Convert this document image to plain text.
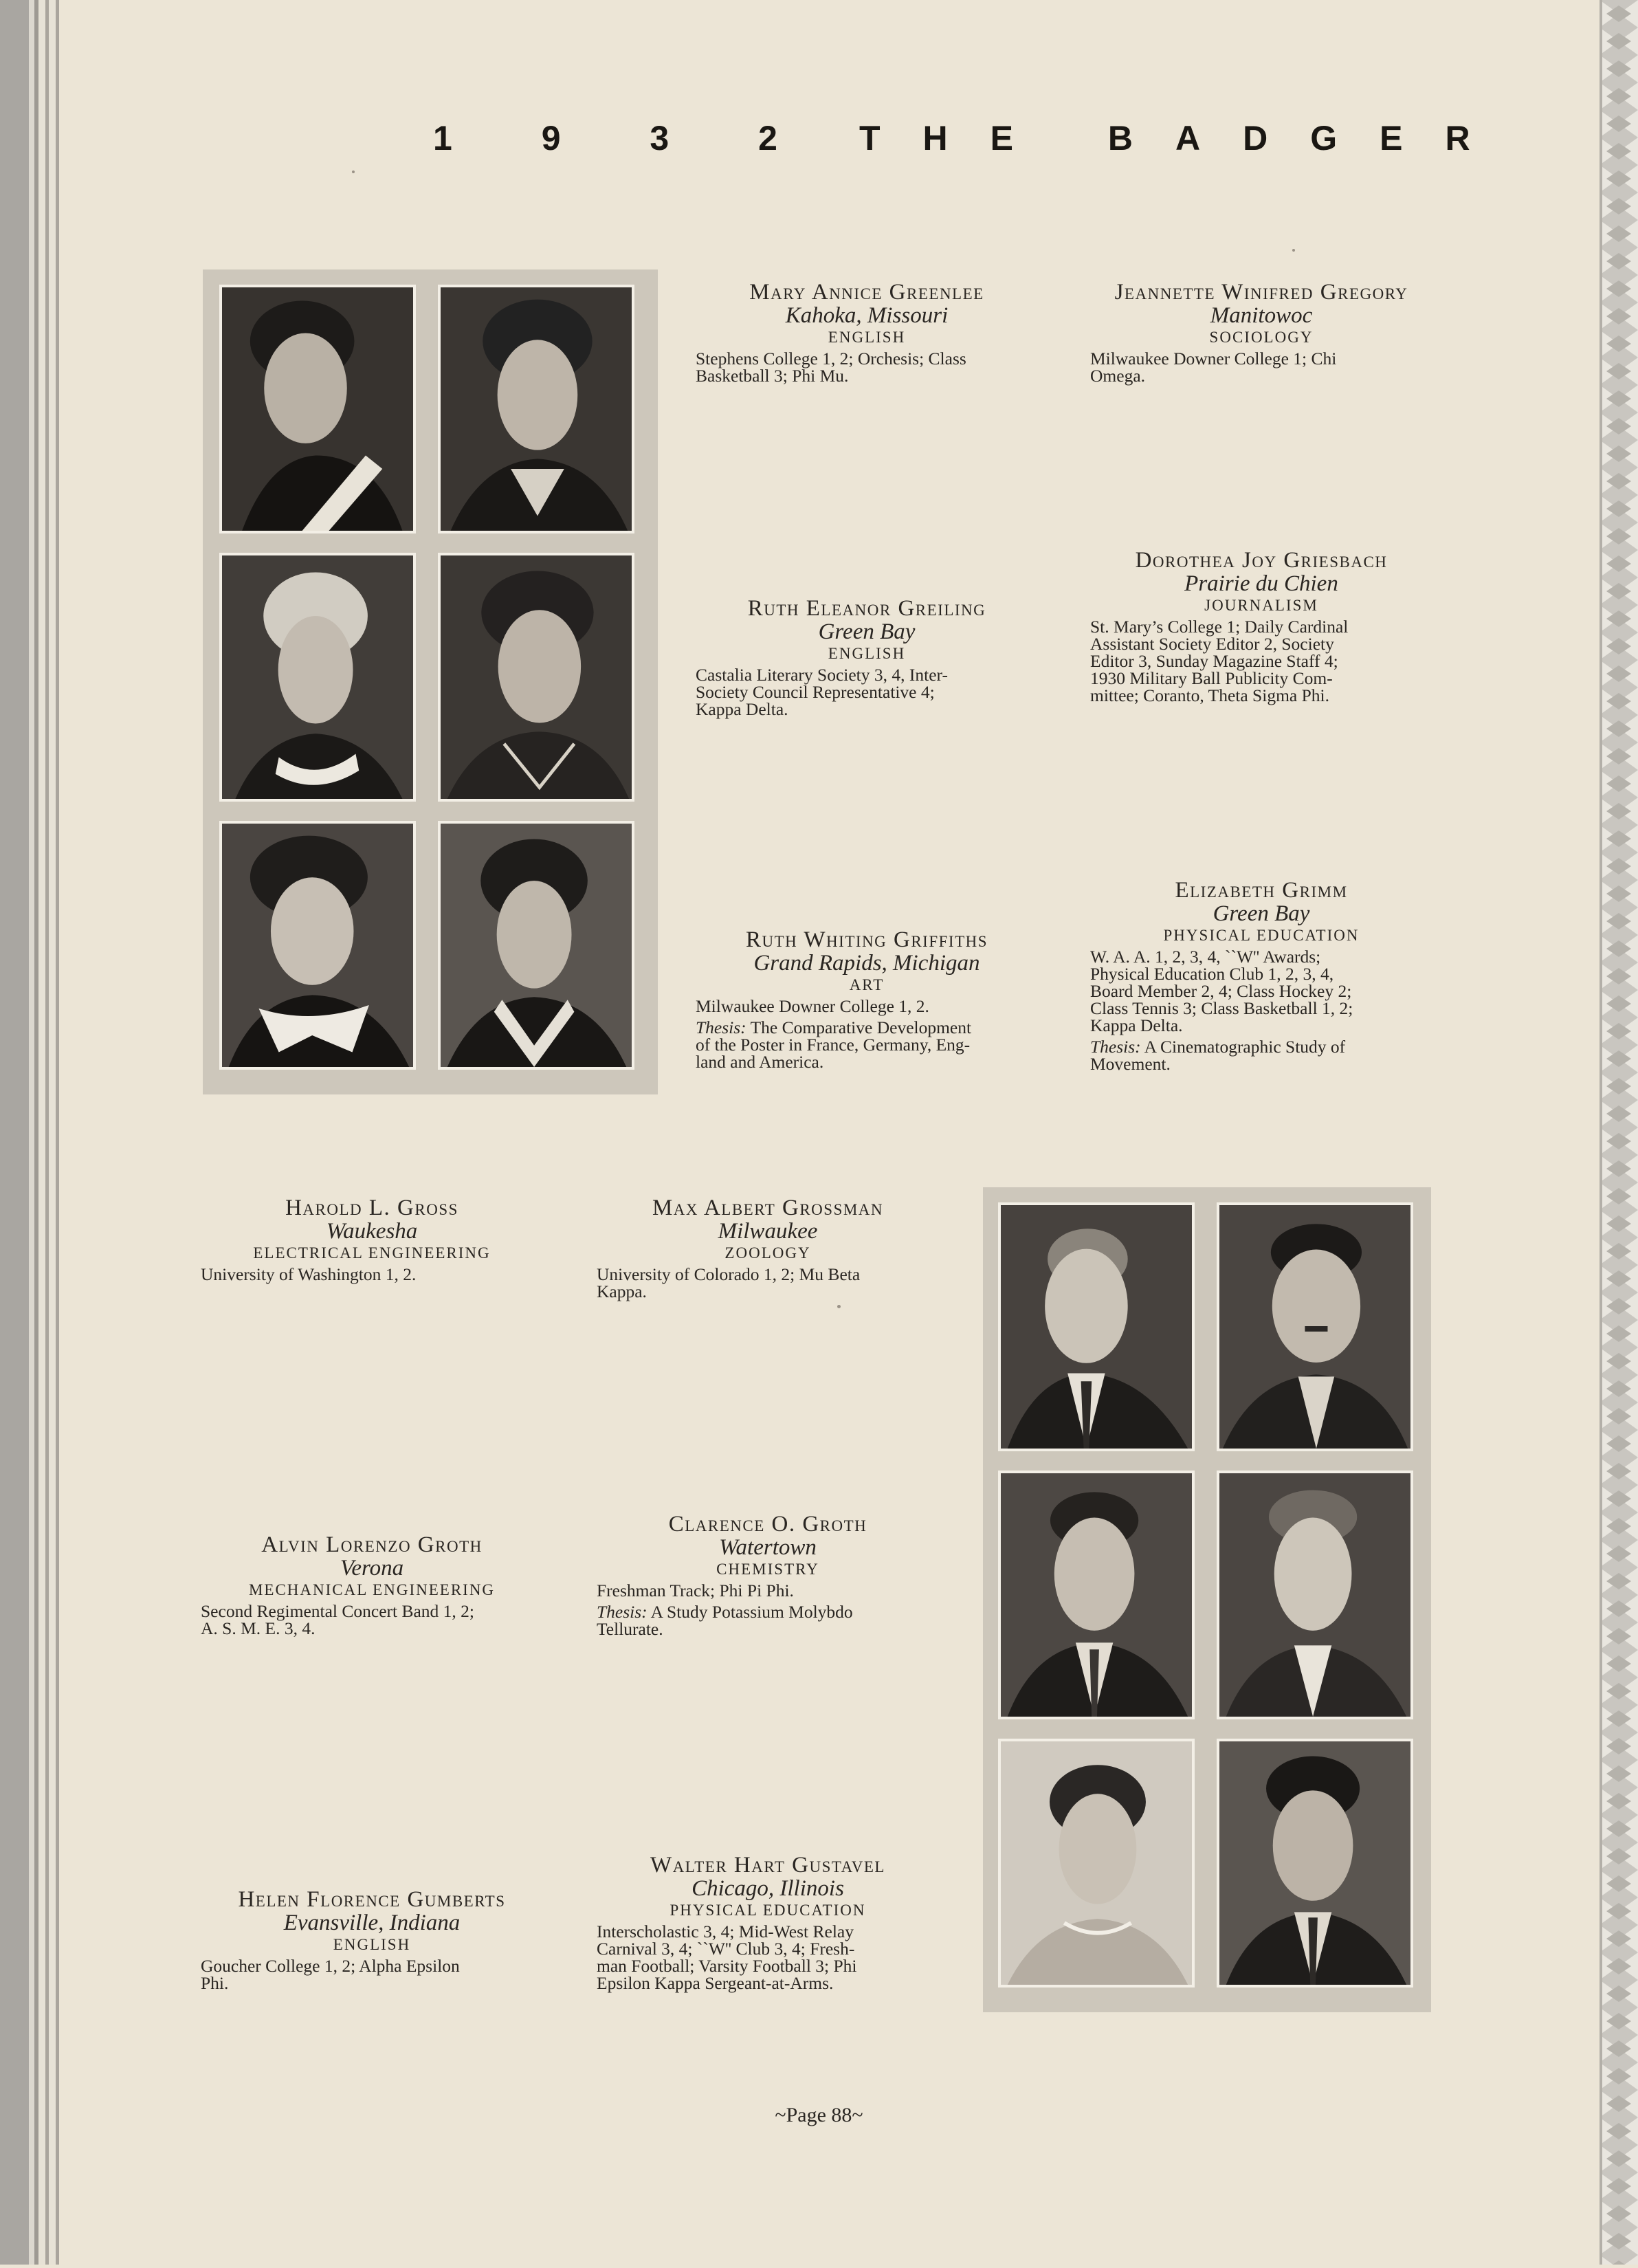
1 9 3 2 THE BADGER
Mary Annice Greenlee
Kahoka, Missouri
ENGLISH
Stephens College 1, 2; Orchesis; Class
Basketball 3; Phi Mu.
Jeannette Winifred Gregory
Manitowoc
SOCIOLOGY
Milwaukee Downer College 1; Chi
Omega.
Ruth Eleanor Greiling
Green Bay
ENGLISH
Castalia Literary Society 3, 4, Inter-
Society Council Representative 4;
Kappa Delta.
Dorothea Joy Griesbach
Prairie du Chien
JOURNALISM
St. Mary’s College 1; Daily Cardinal
Assistant Society Editor 2, Society
Editor 3, Sunday Magazine Staff 4;
1930 Military Ball Publicity Com-
mittee; Coranto, Theta Sigma Phi.
Ruth Whiting Griffiths
Grand Rapids, Michigan
ART
Milwaukee Downer College 1, 2.
Thesis: The Comparative Development
of the Poster in France, Germany, Eng-
land and America.
Elizabeth Grimm
Green Bay
PHYSICAL EDUCATION
W. A. A. 1, 2, 3, 4, ``W'' Awards;
Physical Education Club 1, 2, 3, 4,
Board Member 2, 4; Class Hockey 2;
Class Tennis 3; Class Basketball 1, 2;
Kappa Delta.
Thesis: A Cinematographic Study of
Movement.
Harold L. Gross
Waukesha
ELECTRICAL ENGINEERING
University of Washington 1, 2.
Max Albert Grossman
Milwaukee
ZOOLOGY
University of Colorado 1, 2; Mu Beta
Kappa.
Alvin Lorenzo Groth
Verona
MECHANICAL ENGINEERING
Second Regimental Concert Band 1, 2;
A. S. M. E. 3, 4.
Clarence O. Groth
Watertown
CHEMISTRY
Freshman Track; Phi Pi Phi.
Thesis: A Study Potassium Molybdo
Tellurate.
Helen Florence Gumberts
Evansville, Indiana
ENGLISH
Goucher College 1, 2; Alpha Epsilon
Phi.
Walter Hart Gustavel
Chicago, Illinois
PHYSICAL EDUCATION
Interscholastic 3, 4; Mid-West Relay
Carnival 3, 4; ``W'' Club 3, 4; Fresh-
man Football; Varsity Football 3; Phi
Epsilon Kappa Sergeant-at-Arms.
~Page 88~
